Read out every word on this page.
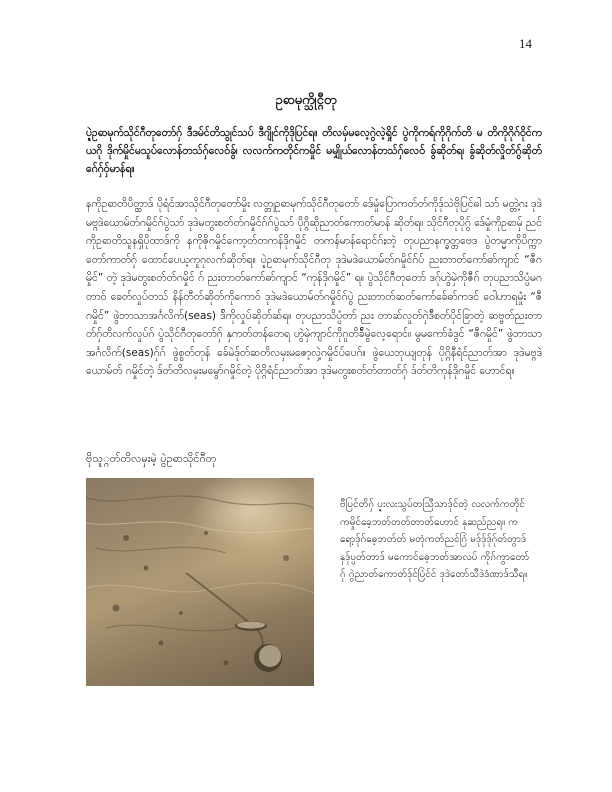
14
ဥၹမုက္သိုင္ဂီတု
ပ္ဍဲဥၹမုက်သိုင်ဂီတုတော်ဂှ် ဒီဒမ်င်တိသွုင်သပ် ဒီဂျိုင်ကိုဒိုပြင်ရ။ တိလမှ်မလေ့ဂွဲလဲ့ရှိုင် ပွဲကိုကရ်ကိုဂိုက်တိ မ တိကိုဂိုဂ်ဝိုင်ကယဂို ဒိုက်မှိုင်မသူပ်လောန်တသ်ဂှ်လေဝ်ခွ်၊ လလက်ကတိုင်ကမှိုင် မမျှိုယ်လောန်တသ်ဂှ်လေဝ် ခွ်ဆိုတ်ရ၊ ခွ်ဆိုတ်လှိုတ်ဂွ်ဆိုတ်ဂ်ေဂှ်ဝှ်မာန်ရ။
နကိုဥၹတိပိတ္ထာဒ် ပိုရံင်အာသိုင်ဂီတုတော်မှိုး လတ္တုဥၹမုက်သိုင်ဂီတုတော် ဒ်ေမှုံပြောကတ်တ်ကိုဒ်ုသဲဗိုပြင်ဓါ သာ် မတ္တဲ့ဂး ဒုဒဲမဗ္ဂဒဲယောမ်တ်ဂမှိုင်ဂ်ပွဲသာ် ဒုဒဲမတွးစတ်တ်ဂမှိုင်ဂ်ဂ်ပွဲသာ် ပိုဂ္ဂိဆိုညာတ်ကောတ်မာန် ဆိုတ်ရ။ သိုင်ဂီတုပိုဂွ် ဒ်ေမှုံကိုဥၹမှ် ညင်ကိုဥၹတိသူနရှိပိုထာဒ်ကို နကိုဇိုဂမှိုင်ကော့တ်တကန်ဒိုဂမှိုင် တကန်မာန်ရောင်ဂ်ႈတဲ့ တုပညာနက္ခတ္တဗေဒ ပွဲတမ္မာကိုပိက္ကာတော်ကာတ်ဂှ် ထောင်ပေယ့ကူဂုလက်ဆိုတ်ရ။ ပ္ဍဲဥၹမုက်သိုင်ဂီတု ဒုဒဲမဒဲယောမ်တ်ဂမှိုင်ဂ်ပ် ညးတာတ်ကော်ဓာ်ကျာင် “ဇီဂမှိုင်” တဲ့ ဒုဒဲမတွးစတ်တ်ဂမှိုင် ဂ် ညးတာတ်ကော်ဓာ်ကျာင် “ကုန်ဒိုဂမှိုင်” ရ။ ပွဲသိုင်ဂီတုတော် ဒဂ်ုဟွဲမှဲကိုဇီဂ် တုပညာသိပ္ပံမဂတာဝ် ခေတ်လှုပ်တသ် နိန်တီတ်ဆိုတ်ကိုကောဝ် ဒုဒဲမဒဲယောမ်တ်ဂမှိုင်ဂ်ပွဲ ညးတာတ်ဆတ်ကော်ခ်ေဓာ်ကဒင် ဝေါဟာရမှုံး “ဇီဂမှိုင်” ဖွဲဘာသာအင်္ဂလိက်(seas) ဒ်ိကိုလှုပ်ဆိုတ်ဆ်ရ။ တုပညာသိပ္ပံတာ် ညး တာဆ်လှုတ်ဂှဲဒ်ီစတ်ပိုင်ခြာတဲ့ ဆဗ္ဗတ်ညးတာတ်ဂှ်တိလက်လှုပ်ဂ် ပွဲသိုင်ဂီတုတော်ဂှ် နှကတ်တန်တေရ ဟွဲမှဲကျာင်ကိုဂူတိခ်ီမွဲလေ့ရောင်။ မွမကော်ခံဒွင် “ဇီဂမှိုင်” ဖွဲဘာသာအင်္ဂလိက်(seas)ဂှ်ဂ် ဖွဲစွတ်တုန် ခ်ေမဲဒ်ုတ်ဆတိလမှးမဇော့လှဲ့ဂမှိုင်ပ်ပေဂ်။ ဖွဲယေဘုယျတုန် ပိုဂ္ဂိနီရံင်ညာတ်အာ ဒုဒဲမဗ္ဂဒဲယောမ်တ် ဂမှိုင်တဲ့ ဒ်တ်တိလမှးမမွော်ဂမှိုင်တဲ့ ပိုဂ္ဂိရံင်ညာတ်အာ ဒုဒဲမတွးစတ်တ်တာတ်ဂှ် ဒ်တ်တိကုန်ဒိုဂမှိုင် ဟောင်ရ။
ဗိုသူ္ဂတ်တိလမှးမဲ့ ပွဲဥၹသိုင်ဂီတု
ဗီပြင်တိဂှ် ပ္ဍးလးသွပ်တသြီသာဒ်ုင်တဲ့ လလက်ကတိုင်ကမှိုင်ခေ့ဘတ်တတ်တာတ်ဟောင် နှဆည်ညရ။ ကရော့ဒ်ုဂ်ဓေ့ဘတ်တ် မတုံကတ်ညင်ဂြံ မဒ်ုဒ်ုဒ်ုဂ်ုတ်တွာဒ် နှဒ်ုပ္ပတ်တာဒ် မကောင်ဓေ့ဘတ်အာလပ် ကိုဂ်ကွာတော်ဂှ် ဂွဲညာတ်ကောတ်ဒ်ုင်ပြံင်င် ဒုဒဲတော်သီဒဲဒံဏာဒ်သီရ။
